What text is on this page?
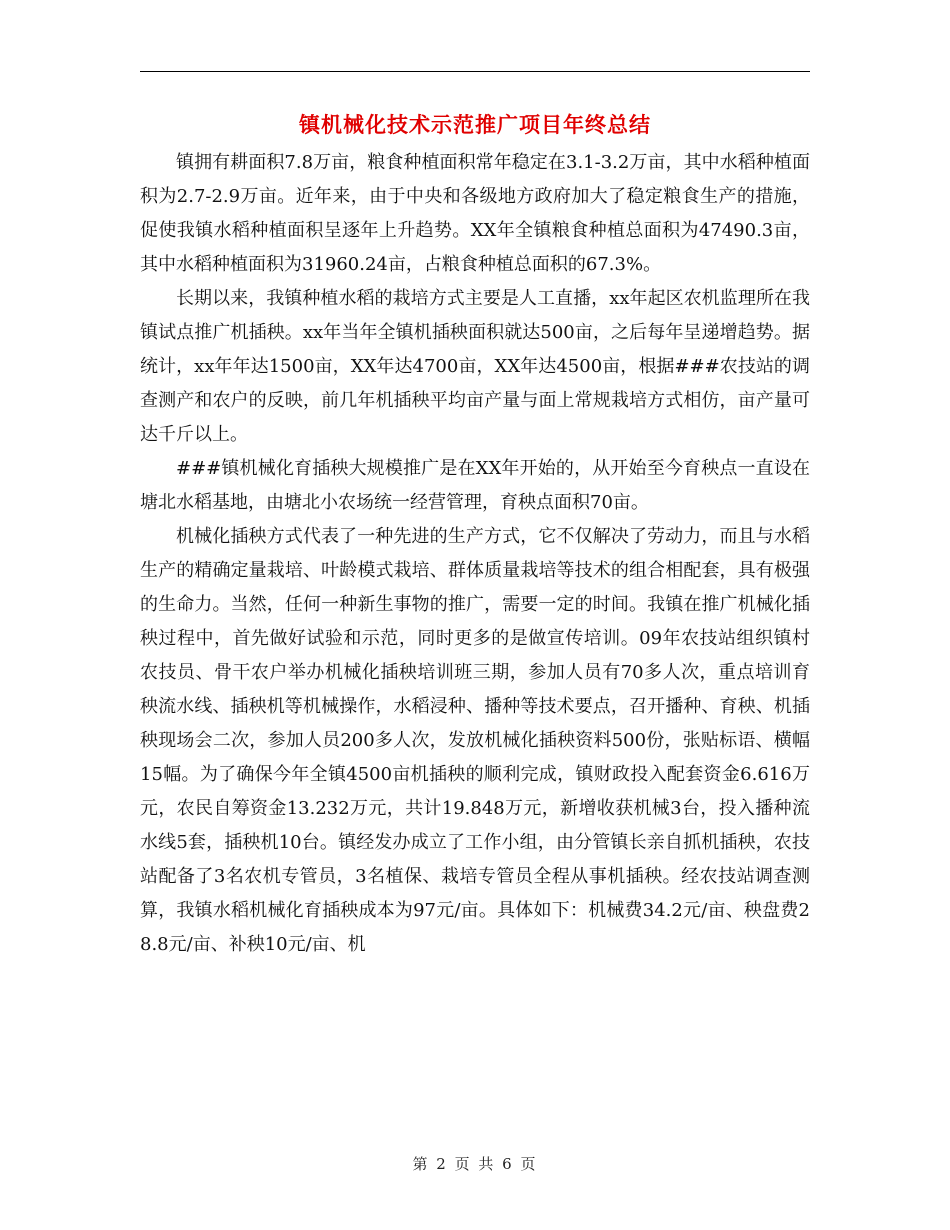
镇机械化技术示范推广项目年终总结

镇拥有耕面积7.8万亩，粮食种植面积常年稳定在3.1-3.2万亩，其中水稻种植面积为2.7-2.9万亩。近年来，由于中央和各级地方政府加大了稳定粮食生产的措施，促使我镇水稻种植面积呈逐年上升趋势。XX年全镇粮食种植总面积为47490.3亩，其中水稻种植面积为31960.24亩，占粮食种植总面积的67.3%。

长期以来，我镇种植水稻的栽培方式主要是人工直播，xx年起区农机监理所在我镇试点推广机插秧。xx年当年全镇机插秧面积就达500亩，之后每年呈递增趋势。据统计，xx年年达1500亩，XX年达4700亩，XX年达4500亩，根据###农技站的调查测产和农户的反映，前几年机插秧平均亩产量与面上常规栽培方式相仿，亩产量可达千斤以上。

###镇机械化育插秧大规模推广是在XX年开始的，从开始至今育秧点一直设在塘北水稻基地，由塘北小农场统一经营管理，育秧点面积70亩。

机械化插秧方式代表了一种先进的生产方式，它不仅解决了劳动力，而且与水稻生产的精确定量栽培、叶龄模式栽培、群体质量栽培等技术的组合相配套，具有极强的生命力。当然，任何一种新生事物的推广，需要一定的时间。我镇在推广机械化插秧过程中，首先做好试验和示范，同时更多的是做宣传培训。09年农技站组织镇村农技员、骨干农户举办机械化插秧培训班三期，参加人员有70多人次，重点培训育秧流水线、插秧机等机械操作，水稻浸种、播种等技术要点，召开播种、育秧、机插秧现场会二次，参加人员200多人次，发放机械化插秧资料500份，张贴标语、横幅15幅。为了确保今年全镇4500亩机插秧的顺利完成，镇财政投入配套资金6.616万元，农民自筹资金13.232万元，共计19.848万元，新增收获机械3台，投入播种流水线5套，插秧机10台。镇经发办成立了工作小组，由分管镇长亲自抓机插秧，农技站配备了3名农机专管员，3名植保、栽培专管员全程从事机插秧。经农技站调查测算，我镇水稻机械化育插秧成本为97元/亩。具体如下：机械费34.2元/亩、秧盘费28.8元/亩、补秧10元/亩、机

第 2 页 共 6 页
